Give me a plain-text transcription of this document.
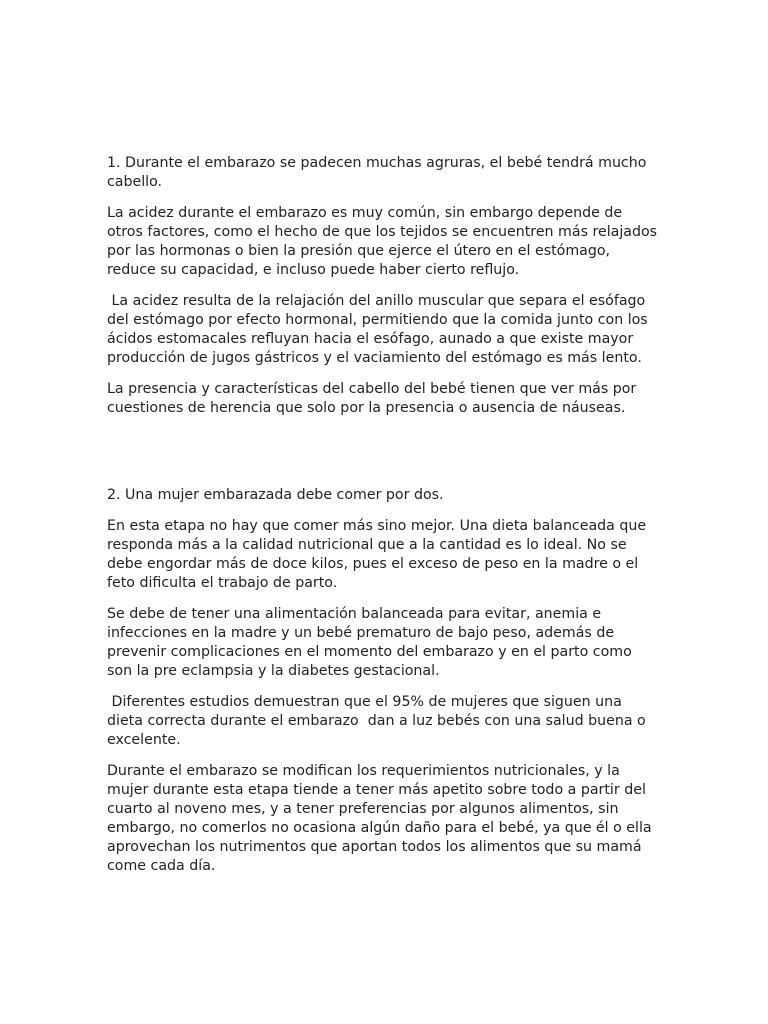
1. Durante el embarazo se padecen muchas agruras, el bebé tendrá mucho cabello.

La acidez durante el embarazo es muy común, sin embargo depende de otros factores, como el hecho de que los tejidos se encuentren más relajados por las hormonas o bien la presión que ejerce el útero en el estómago, reduce su capacidad, e incluso puede haber cierto reflujo.

La acidez resulta de la relajación del anillo muscular que separa el esófago del estómago por efecto hormonal, permitiendo que la comida junto con los ácidos estomacales refluyan hacia el esófago, aunado a que existe mayor producción de jugos gástricos y el vaciamiento del estómago es más lento.

La presencia y características del cabello del bebé tienen que ver más por cuestiones de herencia que solo por la presencia o ausencia de náuseas.

2. Una mujer embarazada debe comer por dos.

En esta etapa no hay que comer más sino mejor. Una dieta balanceada que responda más a la calidad nutricional que a la cantidad es lo ideal. No se debe engordar más de doce kilos, pues el exceso de peso en la madre o el feto dificulta el trabajo de parto.

Se debe de tener una alimentación balanceada para evitar, anemia e infecciones en la madre y un bebé prematuro de bajo peso, además de prevenir complicaciones en el momento del embarazo y en el parto como son la pre eclampsia y la diabetes gestacional.

Diferentes estudios demuestran que el 95% de mujeres que siguen una dieta correcta durante el embarazo  dan a luz bebés con una salud buena o excelente.

Durante el embarazo se modifican los requerimientos nutricionales, y la mujer durante esta etapa tiende a tener más apetito sobre todo a partir del cuarto al noveno mes, y a tener preferencias por algunos alimentos, sin embargo, no comerlos no ocasiona algún daño para el bebé, ya que él o ella aprovechan los nutrimentos que aportan todos los alimentos que su mamá come cada día.
